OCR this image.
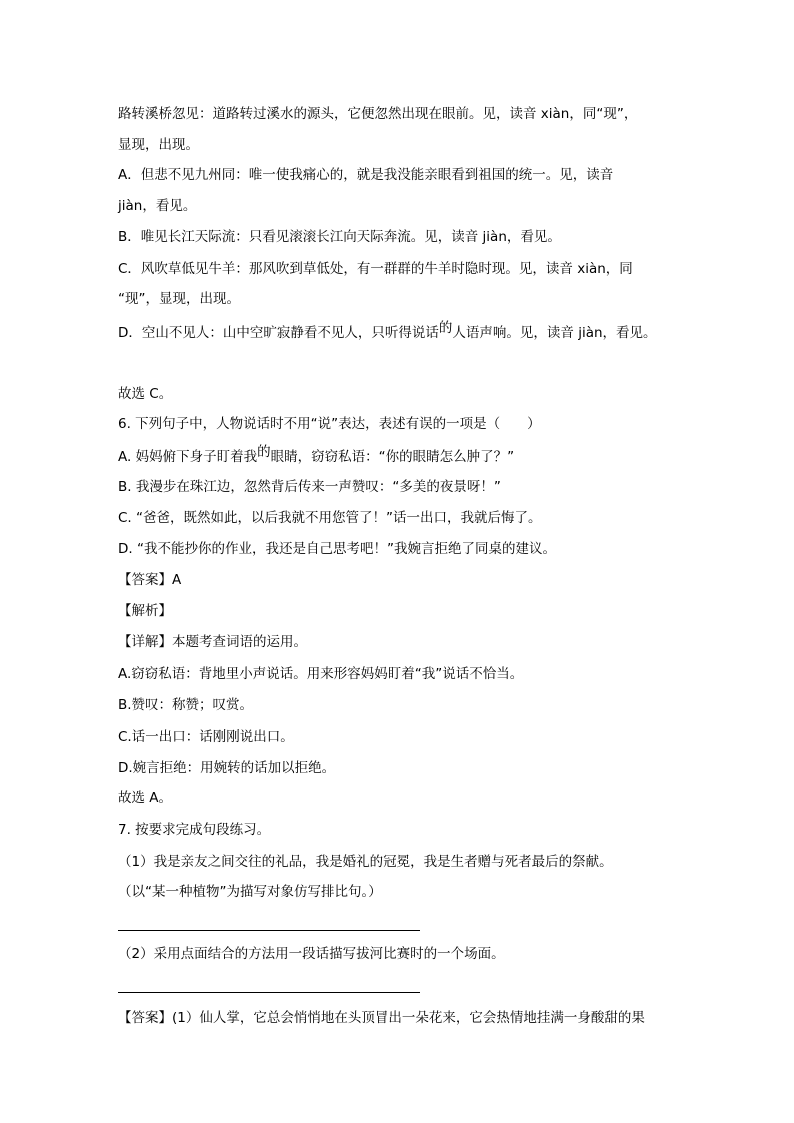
路转溪桥忽见：道路转过溪水的源头，它便忽然出现在眼前。见，读音 xiàn，同“现”，
显现，出现。
A．但悲不见九州同：唯一使我痛心的，就是我没能亲眼看到祖国的统一。见，读音
jiàn，看见。
B．唯见长江天际流：只看见滚滚长江向天际奔流。见，读音 jiàn，看见。
C．风吹草低见牛羊：那风吹到草低处，有一群群的牛羊时隐时现。见，读音 xiàn，同
“现”，显现，出现。
D．空山不见人：山中空旷寂静看不见人，只听得说话的人语声响。见，读音 jiàn，看见。
故选 C。
6. 下列句子中，人物说话时不用“说”表达，表述有误的一项是（　　）
A. 妈妈俯下身子盯着我的眼睛，窃窃私语：“你的眼睛怎么肿了？”
B. 我漫步在珠江边，忽然背后传来一声赞叹：“多美的夜景呀！”
C. “爸爸，既然如此，以后我就不用您管了！”话一出口，我就后悔了。
D. “我不能抄你的作业，我还是自己思考吧！”我婉言拒绝了同桌的建议。
【答案】A
【解析】
【详解】本题考查词语的运用。
A.窃窃私语：背地里小声说话。用来形容妈妈盯着“我”说话不恰当。
B.赞叹：称赞；叹赏。
C.话一出口：话刚刚说出口。
D.婉言拒绝：用婉转的话加以拒绝。
故选 A。
7. 按要求完成句段练习。
（1）我是亲友之间交往的礼品，我是婚礼的冠冕，我是生者赠与死者最后的祭献。
（以“某一种植物”为描写对象仿写排比句。）
（2）采用点面结合的方法用一段话描写拔河比赛时的一个场面。
【答案】(1）仙人掌，它总会悄悄地在头顶冒出一朵花来，它会热情地挂满一身酸甜的果
